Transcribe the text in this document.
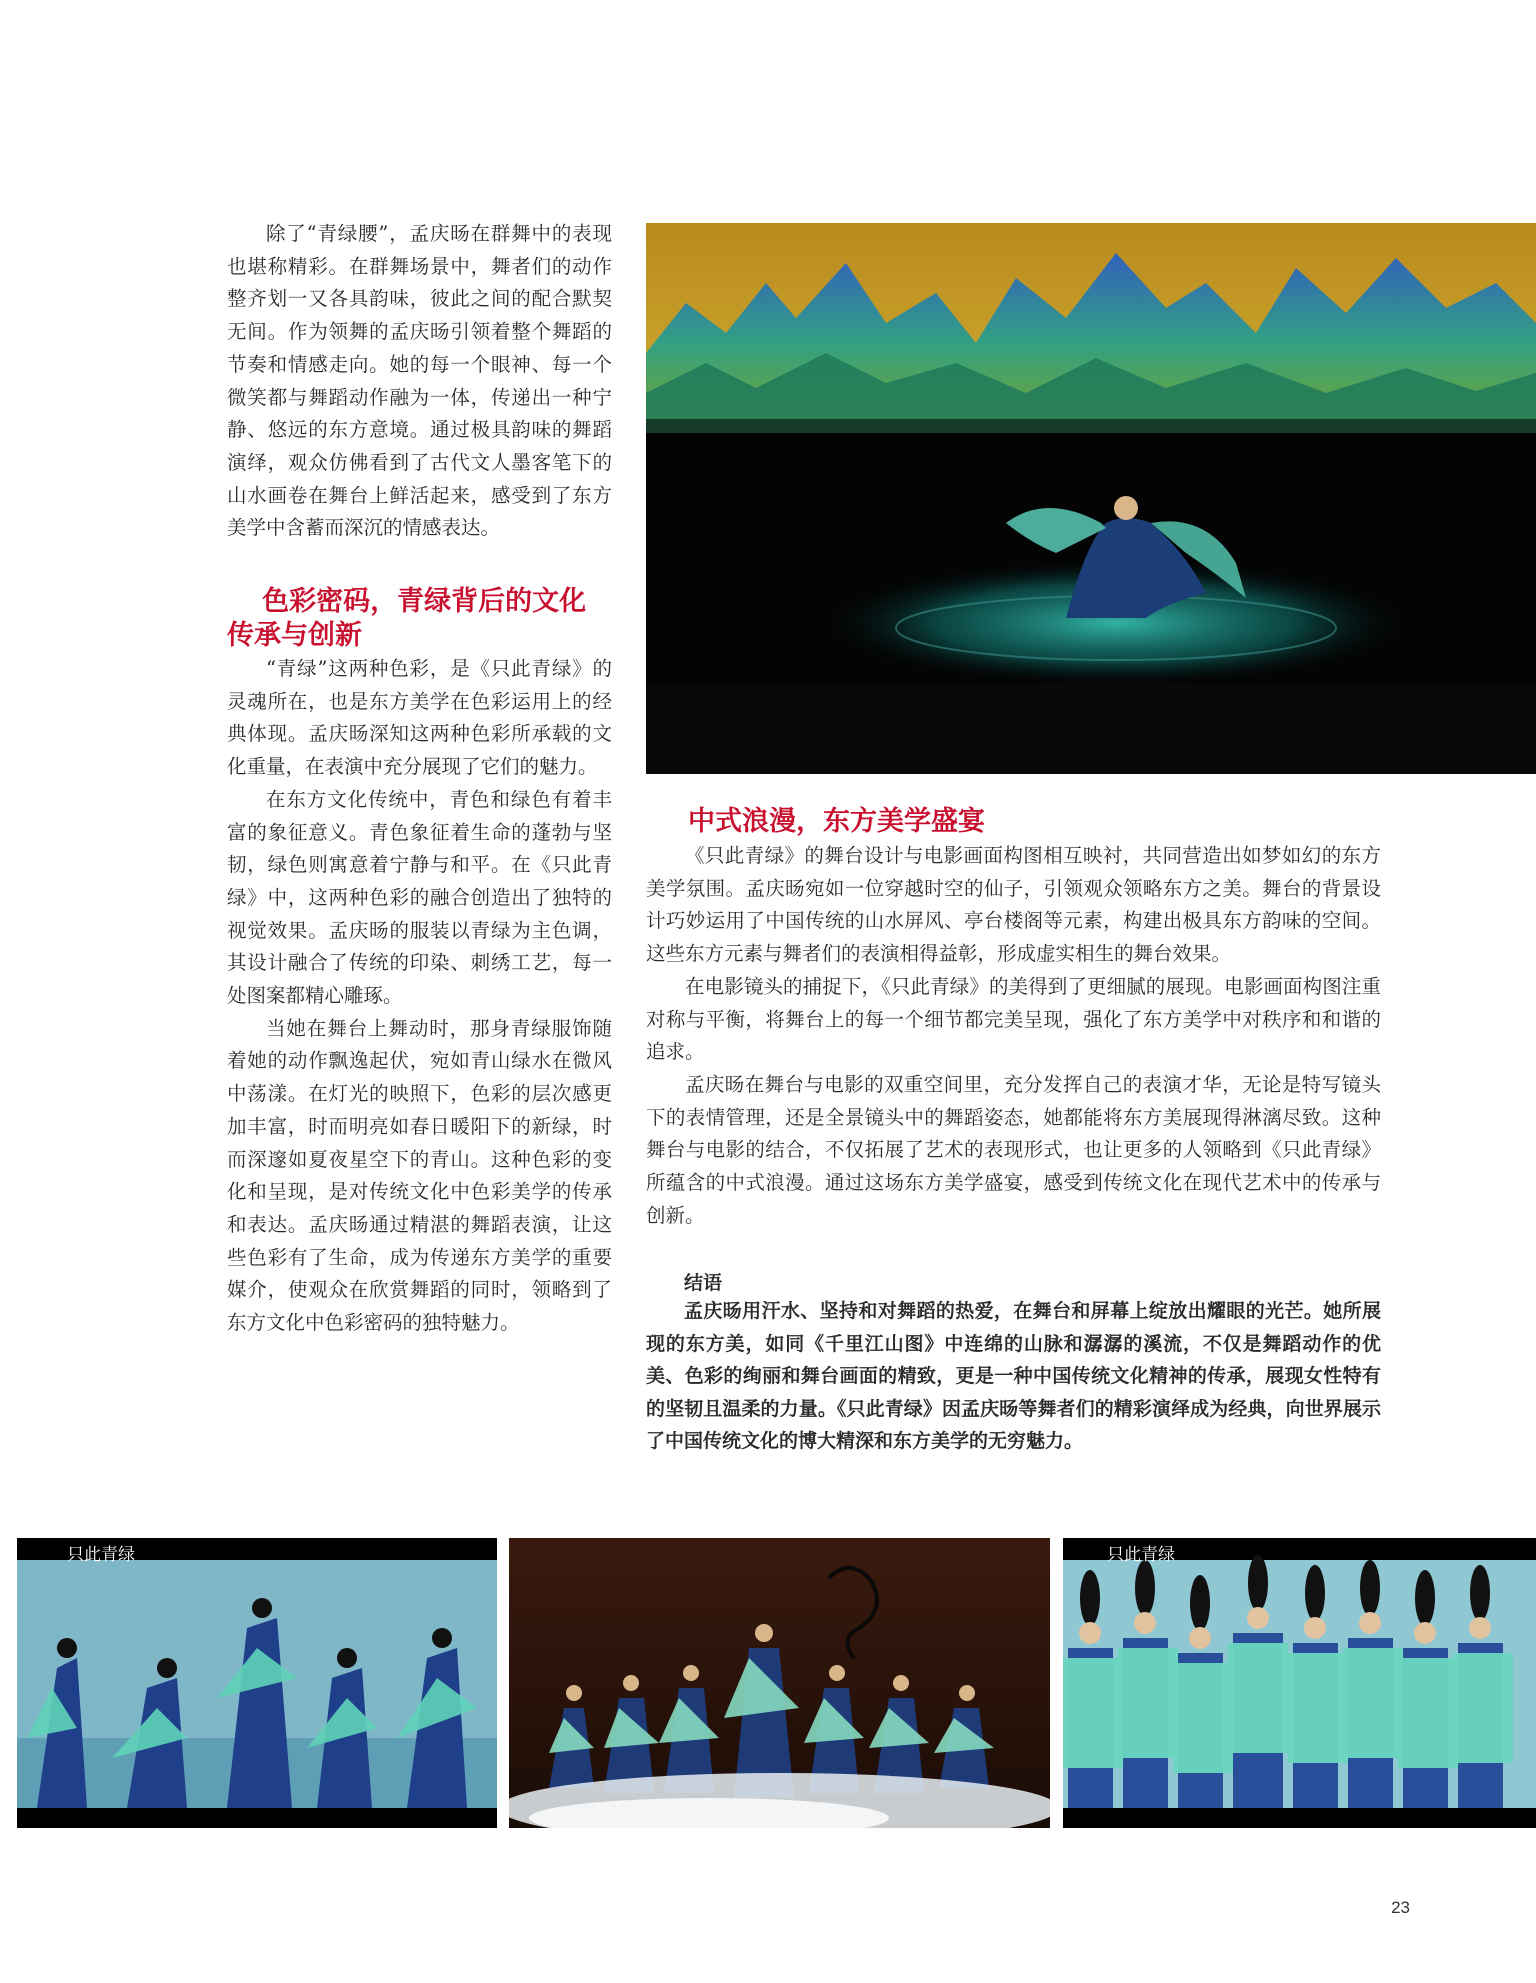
除了“青绿腰”，孟庆旸在群舞中的表现也堪称精彩。在群舞场景中，舞者们的动作整齐划一又各具韵味，彼此之间的配合默契无间。作为领舞的孟庆旸引领着整个舞蹈的节奏和情感走向。她的每一个眼神、每一个微笑都与舞蹈动作融为一体，传递出一种宁静、悠远的东方意境。通过极具韵味的舞蹈演绎，观众仿佛看到了古代文人墨客笔下的山水画卷在舞台上鲜活起来，感受到了东方美学中含蓄而深沉的情感表达。

色彩密码，青绿背后的文化传承与创新

“青绿”这两种色彩，是《只此青绿》的灵魂所在，也是东方美学在色彩运用上的经典体现。孟庆旸深知这两种色彩所承载的文化重量，在表演中充分展现了它们的魅力。

在东方文化传统中，青色和绿色有着丰富的象征意义。青色象征着生命的蓬勃与坚韧，绿色则寓意着宁静与和平。在《只此青绿》中，这两种色彩的融合创造出了独特的视觉效果。孟庆旸的服装以青绿为主色调，其设计融合了传统的印染、刺绣工艺，每一处图案都精心雕琢。

当她在舞台上舞动时，那身青绿服饰随着她的动作飘逸起伏，宛如青山绿水在微风中荡漾。在灯光的映照下，色彩的层次感更加丰富，时而明亮如春日暖阳下的新绿，时而深邃如夏夜星空下的青山。这种色彩的变化和呈现，是对传统文化中色彩美学的传承和表达。孟庆旸通过精湛的舞蹈表演，让这些色彩有了生命，成为传递东方美学的重要媒介，使观众在欣赏舞蹈的同时，领略到了东方文化中色彩密码的独特魅力。

中式浪漫，东方美学盛宴

《只此青绿》的舞台设计与电影画面构图相互映衬，共同营造出如梦如幻的东方美学氛围。孟庆旸宛如一位穿越时空的仙子，引领观众领略东方之美。舞台的背景设计巧妙运用了中国传统的山水屏风、亭台楼阁等元素，构建出极具东方韵味的空间。这些东方元素与舞者们的表演相得益彰，形成虚实相生的舞台效果。

在电影镜头的捕捉下，《只此青绿》的美得到了更细腻的展现。电影画面构图注重对称与平衡，将舞台上的每一个细节都完美呈现，强化了东方美学中对秩序和和谐的追求。

孟庆旸在舞台与电影的双重空间里，充分发挥自己的表演才华，无论是特写镜头下的表情管理，还是全景镜头中的舞蹈姿态，她都能将东方美展现得淋漓尽致。这种舞台与电影的结合，不仅拓展了艺术的表现形式，也让更多的人领略到《只此青绿》所蕴含的中式浪漫。通过这场东方美学盛宴，感受到传统文化在现代艺术中的传承与创新。

结语

孟庆旸用汗水、坚持和对舞蹈的热爱，在舞台和屏幕上绽放出耀眼的光芒。她所展现的东方美，如同《千里江山图》中连绵的山脉和潺潺的溪流，不仅是舞蹈动作的优美、色彩的绚丽和舞台画面的精致，更是一种中国传统文化精神的传承，展现女性特有的坚韧且温柔的力量。《只此青绿》因孟庆旸等舞者们的精彩演绎成为经典，向世界展示了中国传统文化的博大精深和东方美学的无穷魅力。

只此青绿	只此青绿
23
